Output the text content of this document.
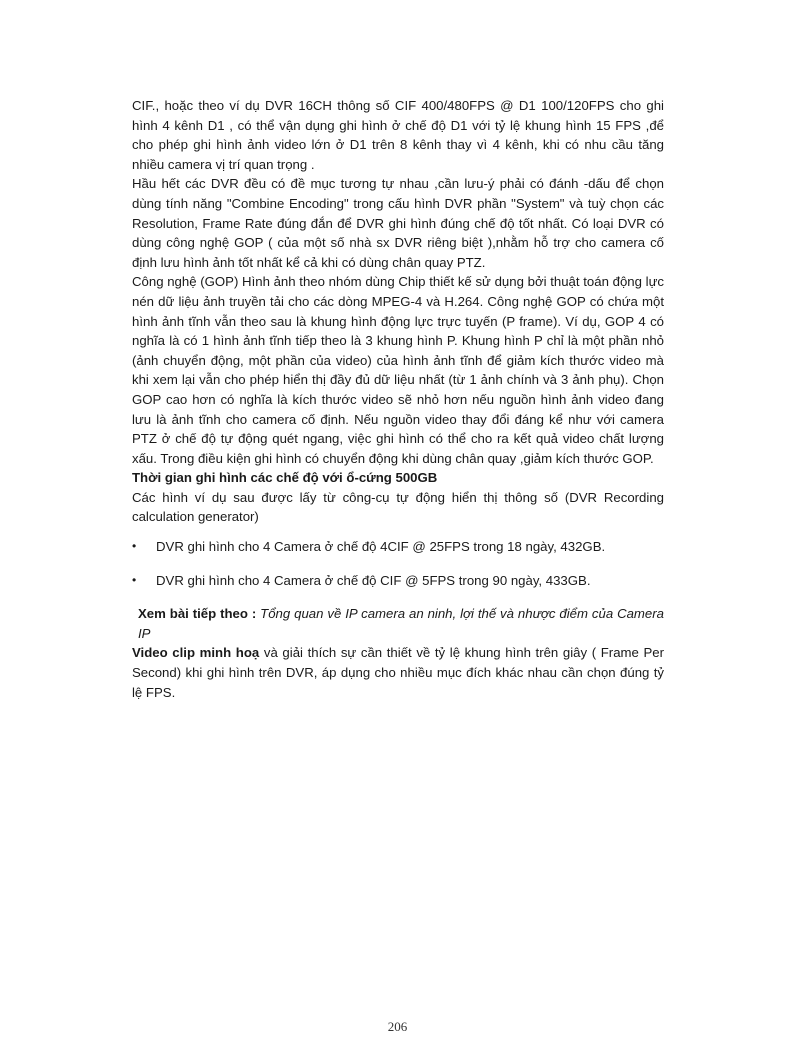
CIF., hoặc theo ví dụ DVR 16CH thông số CIF 400/480FPS @ D1 100/120FPS cho ghi hình 4 kênh D1 , có thể vận dụng ghi hình ở chế độ D1 với tỷ lệ khung hình 15 FPS ,để cho phép ghi hình ảnh video lớn ở D1 trên 8 kênh thay vì 4 kênh, khi có nhu cầu tăng nhiều camera vị trí quan trọng .

Hầu hết các DVR đều có đề mục tương tự nhau ,cần lưu-ý phải có đánh -dấu để chọn dùng tính năng "Combine Encoding" trong cấu hình DVR phần "System" và tuỳ chọn các Resolution, Frame Rate đúng đắn để DVR ghi hình đúng chế độ tốt nhất. Có loại DVR có dùng công nghệ GOP ( của một số nhà sx DVR riêng biệt ),nhằm hỗ trợ cho camera cố định lưu hình ảnh tốt nhất kể cả khi có dùng chân quay PTZ.

Công nghệ (GOP) Hình ảnh theo nhóm dùng Chip thiết kế sử dụng bởi thuật toán động lực nén dữ liệu ảnh truyền tải cho các dòng MPEG-4 và H.264. Công nghệ GOP có chứa một hình ảnh tĩnh vẫn theo sau là khung hình động lực trực tuyến (P frame). Ví dụ, GOP 4 có nghĩa là có 1 hình ảnh tĩnh tiếp theo là 3 khung hình P. Khung hình P chỉ là một phần nhỏ (ảnh chuyển động, một phần của video) của hình ảnh tĩnh để giảm kích thước video mà khi xem lại vẫn cho phép hiển thị đầy đủ dữ liệu nhất (từ 1 ảnh chính và 3 ảnh phụ). Chọn GOP cao hơn có nghĩa là kích thước video sẽ nhỏ hơn nếu nguồn hình ảnh video đang lưu là ảnh tĩnh cho camera cố định. Nếu nguồn video thay đổi đáng kể như với camera PTZ ở chế độ tự động quét ngang, việc ghi hình có thể cho ra kết quả video chất lượng xấu. Trong điều kiện ghi hình có chuyển động khi dùng chân quay ,giảm kích thước GOP.

Thời gian ghi hình các chế độ với ổ-cứng 500GB

Các hình ví dụ sau được lấy từ công-cụ tự động hiển thị thông số (DVR Recording calculation generator)

• DVR ghi hình cho 4 Camera ở chế độ 4CIF @ 25FPS trong 18 ngày, 432GB.
• DVR ghi hình cho 4 Camera ở chế độ CIF @ 5FPS trong 90 ngày, 433GB.

Xem bài tiếp theo : Tổng quan về IP camera an ninh, lợi thế và nhược điểm của Camera IP

Video clip minh hoạ và giải thích sự cần thiết về tỷ lệ khung hình trên giây ( Frame Per Second) khi ghi hình trên DVR, áp dụng cho nhiều mục đích khác nhau cần chọn đúng tỷ lệ FPS.

206
